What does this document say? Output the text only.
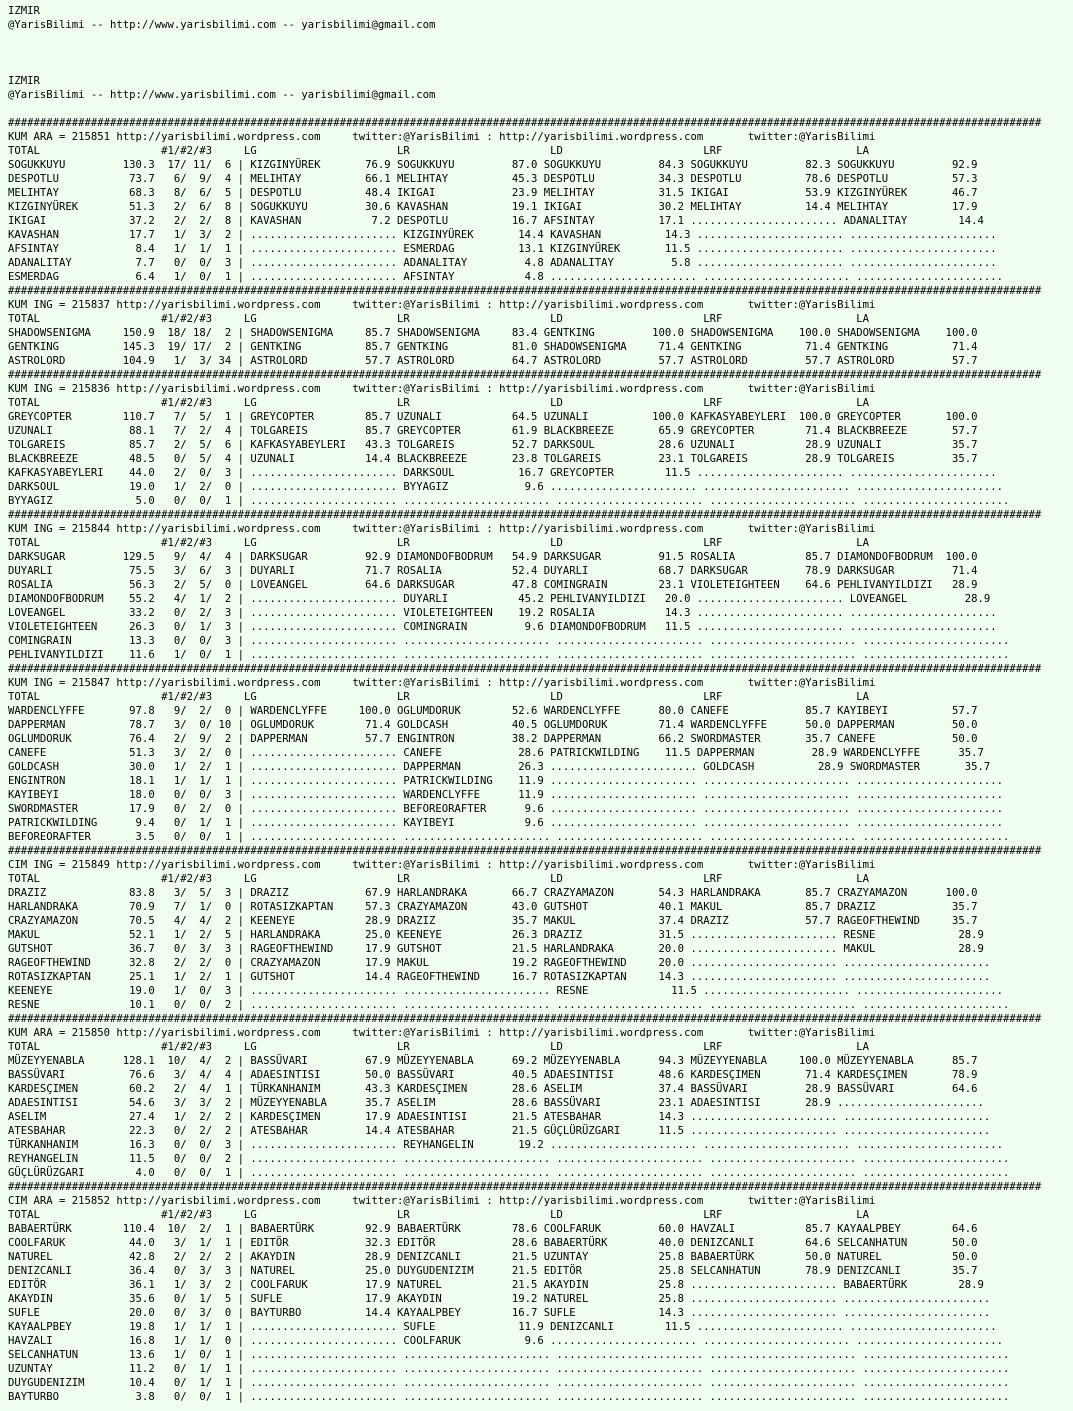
IZMIR
@YarisBilimi -- http://www.yarisbilimi.com -- yarisbilimi@gmail.com

IZMIR
@YarisBilimi -- http://www.yarisbilimi.com -- yarisbilimi@gmail.com

##################################################################################################################################################################
KUM ARA = 215851 http://yarisbilimi.wordpress.com     twitter:@YarisBilimi : http://yarisbilimi.wordpress.com       twitter:@YarisBilimi
TOTAL                   #1/#2/#3     LG                      LR                      LD                      LRF                     LA
SOGUKKUYU         130.3  17/ 11/  6 | KIZGINYÜREK       76.9 SOGUKKUYU         87.0 SOGUKKUYU         84.3 SOGUKKUYU         82.3 SOGUKKUYU         92.9
DESPOTLU           73.7   6/  9/  4 | MELIHTAY          66.1 MELIHTAY          45.3 DESPOTLU          34.3 DESPOTLU          78.6 DESPOTLU          57.3
MELIHTAY           68.3   8/  6/  5 | DESPOTLU          48.4 IKIGAI            23.9 MELIHTAY          31.5 IKIGAI            53.9 KIZGINYÜREK       46.7
KIZGINYÜREK        51.3   2/  6/  8 | SOGUKKUYU         30.6 KAVASHAN          19.1 IKIGAI            30.2 MELIHTAY          14.4 MELIHTAY          17.9
IKIGAI             37.2   2/  2/  8 | KAVASHAN           7.2 DESPOTLU          16.7 AFSINTAY          17.1 ....................... ADANALITAY        14.4
KAVASHAN           17.7   1/  3/  2 | ....................... KIZGINYÜREK       14.4 KAVASHAN          14.3 ....................... .......................
AFSINTAY            8.4   1/  1/  1 | ....................... ESMERDAG          13.1 KIZGINYÜREK       11.5 ....................... .......................
ADANALITAY          7.7   0/  0/  3 | ....................... ADANALITAY         4.8 ADANALITAY         5.8 ....................... .......................
ESMERDAG            6.4   1/  0/  1 | ....................... AFSINTAY           4.8 ....................... ....................... .......................
##################################################################################################################################################################
KUM ING = 215837 http://yarisbilimi.wordpress.com     twitter:@YarisBilimi : http://yarisbilimi.wordpress.com       twitter:@YarisBilimi
TOTAL                   #1/#2/#3     LG                      LR                      LD                      LRF                     LA
SHADOWSENIGMA     150.9  18/ 18/  2 | SHADOWSENIGMA     85.7 SHADOWSENIGMA     83.4 GENTKING         100.0 SHADOWSENIGMA    100.0 SHADOWSENIGMA    100.0
GENTKING          145.3  19/ 17/  2 | GENTKING          85.7 GENTKING          81.0 SHADOWSENIGMA     71.4 GENTKING          71.4 GENTKING          71.4
ASTROLORD         104.9   1/  3/ 34 | ASTROLORD         57.7 ASTROLORD         64.7 ASTROLORD         57.7 ASTROLORD         57.7 ASTROLORD         57.7
##################################################################################################################################################################
KUM ING = 215836 http://yarisbilimi.wordpress.com     twitter:@YarisBilimi : http://yarisbilimi.wordpress.com       twitter:@YarisBilimi
TOTAL                   #1/#2/#3     LG                      LR                      LD                      LRF                     LA
GREYCOPTER        110.7   7/  5/  1 | GREYCOPTER        85.7 UZUNALI           64.5 UZUNALI          100.0 KAFKASYABEYLERI  100.0 GREYCOPTER       100.0
UZUNALI            88.1   7/  2/  4 | TOLGAREIS         85.7 GREYCOPTER        61.9 BLACKBREEZE       65.9 GREYCOPTER        71.4 BLACKBREEZE       57.7
TOLGAREIS          85.7   2/  5/  6 | KAFKASYABEYLERI   43.3 TOLGAREIS         52.7 DARKSOUL          28.6 UZUNALI           28.9 UZUNALI           35.7
BLACKBREEZE        48.5   0/  5/  4 | UZUNALI           14.4 BLACKBREEZE       23.8 TOLGAREIS         23.1 TOLGAREIS         28.9 TOLGAREIS         35.7
KAFKASYABEYLERI    44.0   2/  0/  3 | ....................... DARKSOUL          16.7 GREYCOPTER        11.5 ....................... .......................
DARKSOUL           19.0   1/  2/  0 | ....................... BYYAGIZ            9.6 ....................... ....................... .......................
BYYAGIZ             5.0   0/  0/  1 | ....................... ....................... ....................... ....................... .......................
##################################################################################################################################################################
KUM ING = 215844 http://yarisbilimi.wordpress.com     twitter:@YarisBilimi : http://yarisbilimi.wordpress.com       twitter:@YarisBilimi
TOTAL                   #1/#2/#3     LG                      LR                      LD                      LRF                     LA
DARKSUGAR         129.5   9/  4/  4 | DARKSUGAR         92.9 DIAMONDOFBODRUM   54.9 DARKSUGAR         91.5 ROSALIA           85.7 DIAMONDOFBODRUM  100.0
DUYARLI            75.5   3/  6/  3 | DUYARLI           71.7 ROSALIA           52.4 DUYARLI           68.7 DARKSUGAR         78.9 DARKSUGAR         71.4
ROSALIA            56.3   2/  5/  0 | LOVEANGEL         64.6 DARKSUGAR         47.8 COMINGRAIN        23.1 VIOLETEIGHTEEN    64.6 PEHLIVANYILDIZI   28.9
DIAMONDOFBODRUM    55.2   4/  1/  2 | ....................... DUYARLI           45.2 PEHLIVANYILDIZI   20.0 ....................... LOVEANGEL         28.9
LOVEANGEL          33.2   0/  2/  3 | ....................... VIOLETEIGHTEEN    19.2 ROSALIA           14.3 ....................... .......................
VIOLETEIGHTEEN     26.3   0/  1/  3 | ....................... COMINGRAIN         9.6 DIAMONDOFBODRUM   11.5 ....................... .......................
COMINGRAIN         13.3   0/  0/  3 | ....................... ....................... ....................... ....................... .......................
PEHLIVANYILDIZI    11.6   1/  0/  1 | ....................... ....................... ....................... ....................... .......................
##################################################################################################################################################################
KUM ING = 215847 http://yarisbilimi.wordpress.com     twitter:@YarisBilimi : http://yarisbilimi.wordpress.com       twitter:@YarisBilimi
TOTAL                   #1/#2/#3     LG                      LR                      LD                      LRF                     LA
WARDENCLYFFE       97.8   9/  2/  0 | WARDENCLYFFE     100.0 OGLUMDORUK        52.6 WARDENCLYFFE      80.0 CANEFE            85.7 KAYIBEYI          57.7
DAPPERMAN          78.7   3/  0/ 10 | OGLUMDORUK        71.4 GOLDCASH          40.5 OGLUMDORUK        71.4 WARDENCLYFFE      50.0 DAPPERMAN         50.0
OGLUMDORUK         76.4   2/  9/  2 | DAPPERMAN         57.7 ENGINTRON         38.2 DAPPERMAN         66.2 SWORDMASTER       35.7 CANEFE            50.0
CANEFE             51.3   3/  2/  0 | ....................... CANEFE            28.6 PATRICKWILDING    11.5 DAPPERMAN         28.9 WARDENCLYFFE      35.7
GOLDCASH           30.0   1/  2/  1 | ....................... DAPPERMAN         26.3 ....................... GOLDCASH          28.9 SWORDMASTER       35.7
ENGINTRON          18.1   1/  1/  1 | ....................... PATRICKWILDING    11.9 ....................... ....................... .......................
KAYIBEYI           18.0   0/  0/  3 | ....................... WARDENCLYFFE      11.9 ....................... ....................... .......................
SWORDMASTER        17.9   0/  2/  0 | ....................... BEFOREORAFTER      9.6 ....................... ....................... .......................
PATRICKWILDING      9.4   0/  1/  1 | ....................... KAYIBEYI           9.6 ....................... ....................... .......................
BEFOREORAFTER       3.5   0/  0/  1 | ....................... ....................... ....................... ....................... .......................
##################################################################################################################################################################
CIM ING = 215849 http://yarisbilimi.wordpress.com     twitter:@YarisBilimi : http://yarisbilimi.wordpress.com       twitter:@YarisBilimi
TOTAL                   #1/#2/#3     LG                      LR                      LD                      LRF                     LA
DRAZIZ             83.8   3/  5/  3 | DRAZIZ            67.9 HARLANDRAKA       66.7 CRAZYAMAZON       54.3 HARLANDRAKA       85.7 CRAZYAMAZON      100.0
HARLANDRAKA        70.9   7/  1/  0 | ROTASIZKAPTAN     57.3 CRAZYAMAZON       43.0 GUTSHOT           40.1 MAKUL             85.7 DRAZIZ            35.7
CRAZYAMAZON        70.5   4/  4/  2 | KEENEYE           28.9 DRAZIZ            35.7 MAKUL             37.4 DRAZIZ            57.7 RAGEOFTHEWIND     35.7
MAKUL              52.1   1/  2/  5 | HARLANDRAKA       25.0 KEENEYE           26.3 DRAZIZ            31.5 ....................... RESNE             28.9
GUTSHOT            36.7   0/  3/  3 | RAGEOFTHEWIND     17.9 GUTSHOT           21.5 HARLANDRAKA       20.0 ....................... MAKUL             28.9
RAGEOFTHEWIND      32.8   2/  2/  0 | CRAZYAMAZON       17.9 MAKUL             19.2 RAGEOFTHEWIND     20.0 ....................... .......................
ROTASIZKAPTAN      25.1   1/  2/  1 | GUTSHOT           14.4 RAGEOFTHEWIND     16.7 ROTASIZKAPTAN     14.3 ....................... .......................
KEENEYE            19.0   1/  0/  3 | ....................... ....................... RESNE             11.5 ....................... .......................
RESNE              10.1   0/  0/  2 | ....................... ....................... ....................... ....................... .......................
##################################################################################################################################################################
KUM ARA = 215850 http://yarisbilimi.wordpress.com     twitter:@YarisBilimi : http://yarisbilimi.wordpress.com       twitter:@YarisBilimi
TOTAL                   #1/#2/#3     LG                      LR                      LD                      LRF                     LA
MÜZEYYENABLA      128.1  10/  4/  2 | BASSÜVARI         67.9 MÜZEYYENABLA      69.2 MÜZEYYENABLA      94.3 MÜZEYYENABLA     100.0 MÜZEYYENABLA      85.7
BASSÜVARI          76.6   3/  4/  4 | ADAESINTISI       50.0 BASSÜVARI         40.5 ADAESINTISI       48.6 KARDESÇIMEN       71.4 KARDESÇIMEN       78.9
KARDESÇIMEN        60.2   2/  4/  1 | TÜRKANHANIM       43.3 KARDESÇIMEN       28.6 ASELIM            37.4 BASSÜVARI         28.9 BASSÜVARI         64.6
ADAESINTISI        54.6   3/  3/  2 | MÜZEYYENABLA      35.7 ASELIM            28.6 BASSÜVARI         23.1 ADAESINTISI       28.9 .......................
ASELIM             27.4   1/  2/  2 | KARDESÇIMEN       17.9 ADAESINTISI       21.5 ATESBAHAR         14.3 ....................... .......................
ATESBAHAR          22.3   0/  2/  2 | ATESBAHAR         14.4 ATESBAHAR         21.5 GÜÇLÜRÜZGARI      11.5 ....................... .......................
TÜRKANHANIM        16.3   0/  0/  3 | ....................... REYHANGELIN       19.2 ....................... ....................... .......................
REYHANGELIN        11.5   0/  0/  2 | ....................... ....................... ....................... ....................... .......................
GÜÇLÜRÜZGARI        4.0   0/  0/  1 | ....................... ....................... ....................... ....................... .......................
##################################################################################################################################################################
CIM ARA = 215852 http://yarisbilimi.wordpress.com     twitter:@YarisBilimi : http://yarisbilimi.wordpress.com       twitter:@YarisBilimi
TOTAL                   #1/#2/#3     LG                      LR                      LD                      LRF                     LA
BABAERTÜRK        110.4  10/  2/  1 | BABAERTÜRK        92.9 BABAERTÜRK        78.6 COOLFARUK         60.0 HAVZALI           85.7 KAYAALPBEY        64.6
COOLFARUK          44.0   3/  1/  1 | EDITÖR            32.3 EDITÖR            28.6 BABAERTÜRK        40.0 DENIZCANLI        64.6 SELCANHATUN       50.0
NATUREL            42.8   2/  2/  2 | AKAYDIN           28.9 DENIZCANLI        21.5 UZUNTAY           25.8 BABAERTÜRK        50.0 NATUREL           50.0
DENIZCANLI         36.4   0/  3/  3 | NATUREL           25.0 DUYGUDENIZIM      21.5 EDITÖR            25.8 SELCANHATUN       78.9 DENIZCANLI        35.7
EDITÖR             36.1   1/  3/  2 | COOLFARUK         17.9 NATUREL           21.5 AKAYDIN           25.8 ....................... BABAERTÜRK        28.9
AKAYDIN            35.6   0/  1/  5 | SUFLE             17.9 AKAYDIN           19.2 NATUREL           25.8 ....................... .......................
SUFLE              20.0   0/  3/  0 | BAYTURBO          14.4 KAYAALPBEY        16.7 SUFLE             14.3 ....................... .......................
KAYAALPBEY         19.8   1/  1/  1 | ....................... SUFLE             11.9 DENIZCANLI        11.5 ....................... .......................
HAVZALI            16.8   1/  1/  0 | ....................... COOLFARUK          9.6 ....................... ....................... .......................
SELCANHATUN        13.6   1/  0/  1 | ....................... ....................... ....................... ....................... .......................
UZUNTAY            11.2   0/  1/  1 | ....................... ....................... ....................... ....................... .......................
DUYGUDENIZIM       10.4   0/  1/  1 | ....................... ....................... ....................... ....................... .......................
BAYTURBO            3.8   0/  0/  1 | ....................... ....................... ....................... ....................... .......................
